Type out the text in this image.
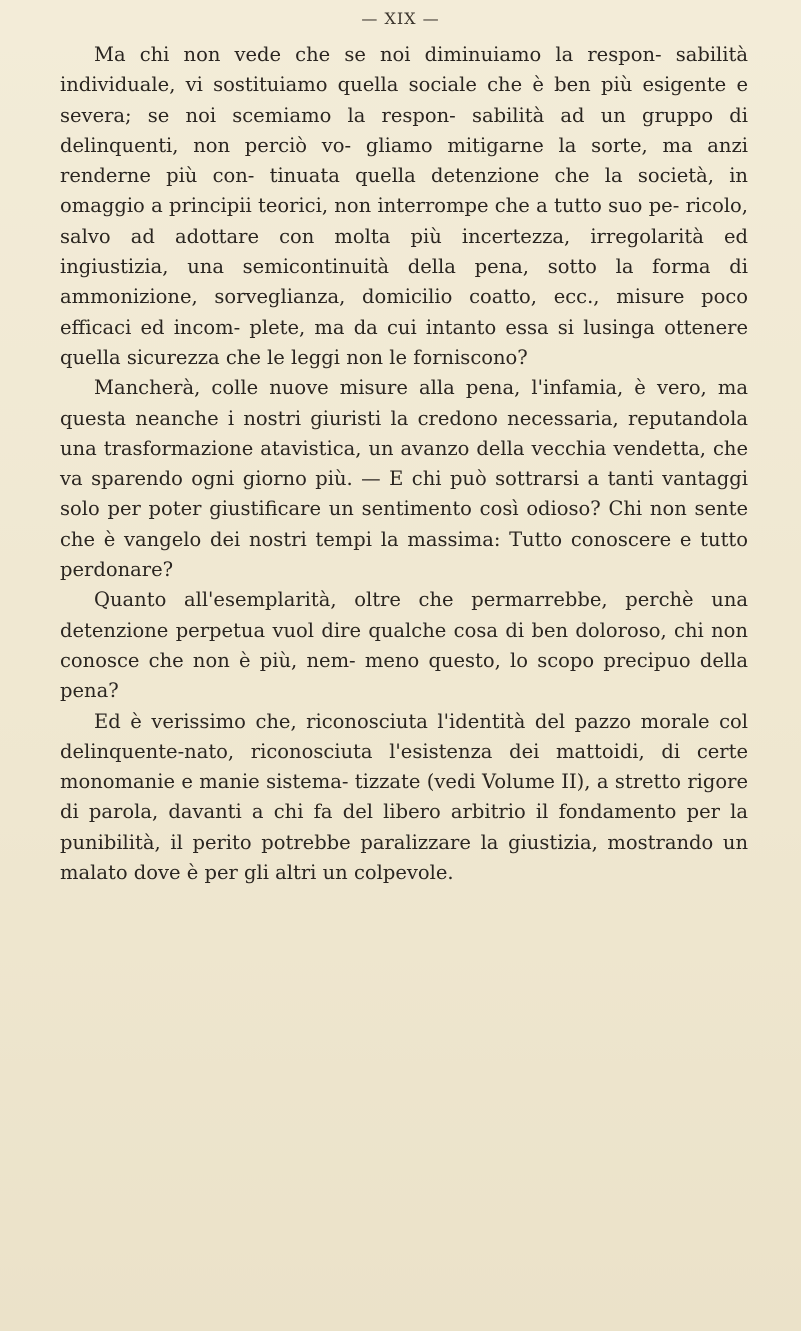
— XIX —

Ma chi non vede che se noi diminuiamo la respon- sabilità individuale, vi sostituiamo quella sociale che è ben più esigente e severa; se noi scemiamo la respon- sabilità ad un gruppo di delinquenti, non perciò vo- gliamo mitigarne la sorte, ma anzi renderne più con- tinuata quella detenzione che la società, in omaggio a principii teorici, non interrompe che a tutto suo pe- ricolo, salvo ad adottare con molta più incertezza, irregolarità ed ingiustizia, una semicontinuità della pena, sotto la forma di ammonizione, sorveglianza, domicilio coatto, ecc., misure poco efficaci ed incom- plete, ma da cui intanto essa si lusinga ottenere quella sicurezza che le leggi non le forniscono?

Mancherà, colle nuove misure alla pena, l'infamia, è vero, ma questa neanche i nostri giuristi la credono necessaria, reputandola una trasformazione atavistica, un avanzo della vecchia vendetta, che va sparendo ogni giorno più. — E chi può sottrarsi a tanti vantaggi solo per poter giustificare un sentimento così odioso? Chi non sente che è vangelo dei nostri tempi la massima: Tutto conoscere e tutto perdonare?

Quanto all'esemplarità, oltre che permarrebbe, perchè una detenzione perpetua vuol dire qualche cosa di ben doloroso, chi non conosce che non è più, nem- meno questo, lo scopo precipuo della pena?

Ed è verissimo che, riconosciuta l'identità del pazzo morale col delinquente-nato, riconosciuta l'esistenza dei mattoidi, di certe monomanie e manie sistema- tizzate (vedi Volume II), a stretto rigore di parola, davanti a chi fa del libero arbitrio il fondamento per la punibilità, il perito potrebbe paralizzare la giustizia, mostrando un malato dove è per gli altri un colpevole.
